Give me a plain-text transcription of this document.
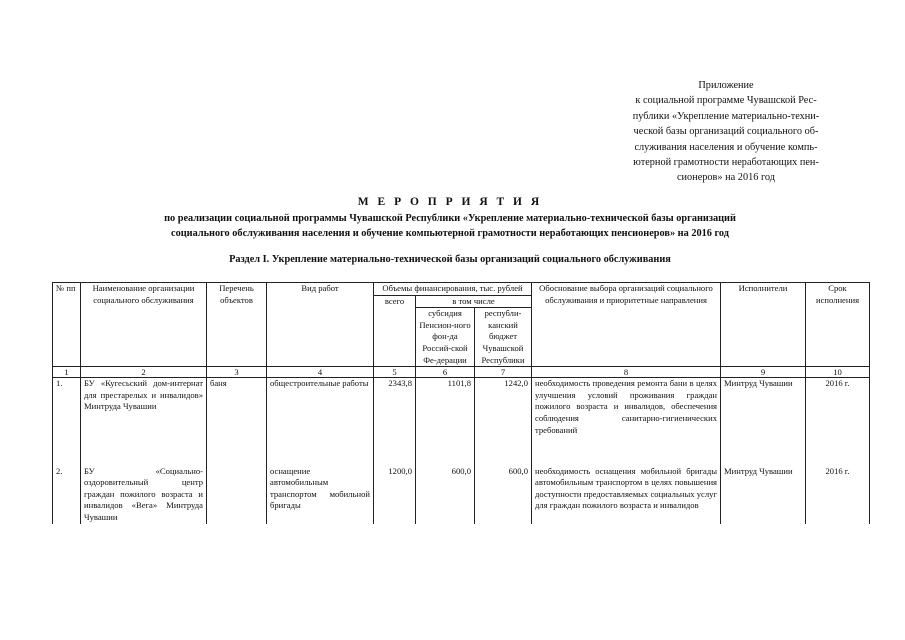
Приложение
к социальной программе Чувашской Рес-
публики «Укрепление материально-техни-
ческой базы организаций социального об-
служивания населения и обучение компь-
ютерной грамотности неработающих пен-
сионеров» на 2016 год
М Е Р О П Р И Я Т И Я
по реализации социальной программы Чувашской Республики «Укрепление материально-технической базы организаций
социального обслуживания населения и обучение компьютерной грамотности неработающих пенсионеров» на 2016 год
Раздел I. Укрепление материально-технической базы организаций социального обслуживания
№ пп	Наименование организации социального обслуживания	Перечень объектов	Вид работ	Объемы финансирования, тыс. рублей			Обоснование выбора организаций социального обслуживания и приоритетные направления	Исполнители	Срок исполнения
				всего	в том числе				
					субсидия Пенсион-ного фон-да Россий-ской Фе-дерации	республи-канский бюджет Чувашской Республики			
1	2	3	4	5	6	7	8	9	10
1.	БУ «Кугесьский дом-интернат для престарелых и инвалидов» Минтруда Чувашии	баня	общестроительные работы	2343,8	1101,8	1242,0	необходимость проведения ремонта бани в целях улучшения условий проживания граждан пожилого возраста и инвалидов, обеспечения соблюдения санитарно-гигиенических требований	Минтруд Чувашии	2016 г.
2.	БУ «Социально-оздоровительный центр граждан пожилого возраста и инвалидов «Вега» Минтруда Чувашии		оснащение автомобильным транспортом мобильной бригады	1200,0	600,0	600,0	необходимость оснащения мобильной бригады автомобильным транспортом в целях повышения доступности предоставляемых социальных услуг для граждан пожилого возраста и инвалидов	Минтруд Чувашии	2016 г.
